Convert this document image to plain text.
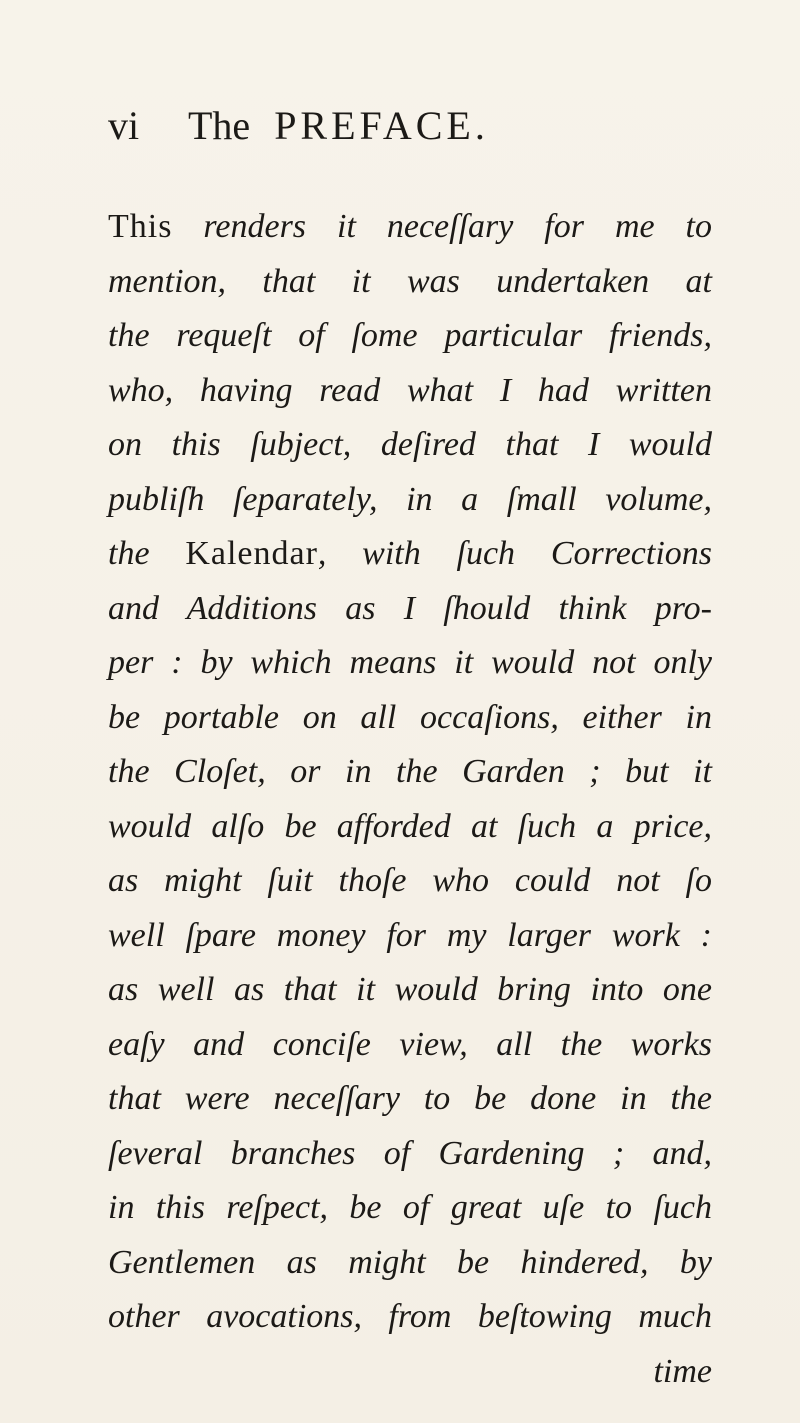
vi The PREFACE.
This renders it neceſſary for me to
mention, that it was undertaken at
the requeſt of ſome particular friends,
who, having read what I had written
on this ſubject, deſired that I would
publiſh ſeparately, in a ſmall volume,
the Kalendar, with ſuch Corrections
and Additions as I ſhould think pro-
per : by which means it would not only
be portable on all occaſions, either in
the Cloſet, or in the Garden ; but it
would alſo be afforded at ſuch a price,
as might ſuit thoſe who could not ſo
well ſpare money for my larger work :
as well as that it would bring into one
eaſy and conciſe view, all the works
that were neceſſary to be done in the
ſeveral branches of Gardening ; and,
in this reſpect, be of great uſe to ſuch
Gentlemen as might be hindered, by
other avocations, from beſtowing much
time
